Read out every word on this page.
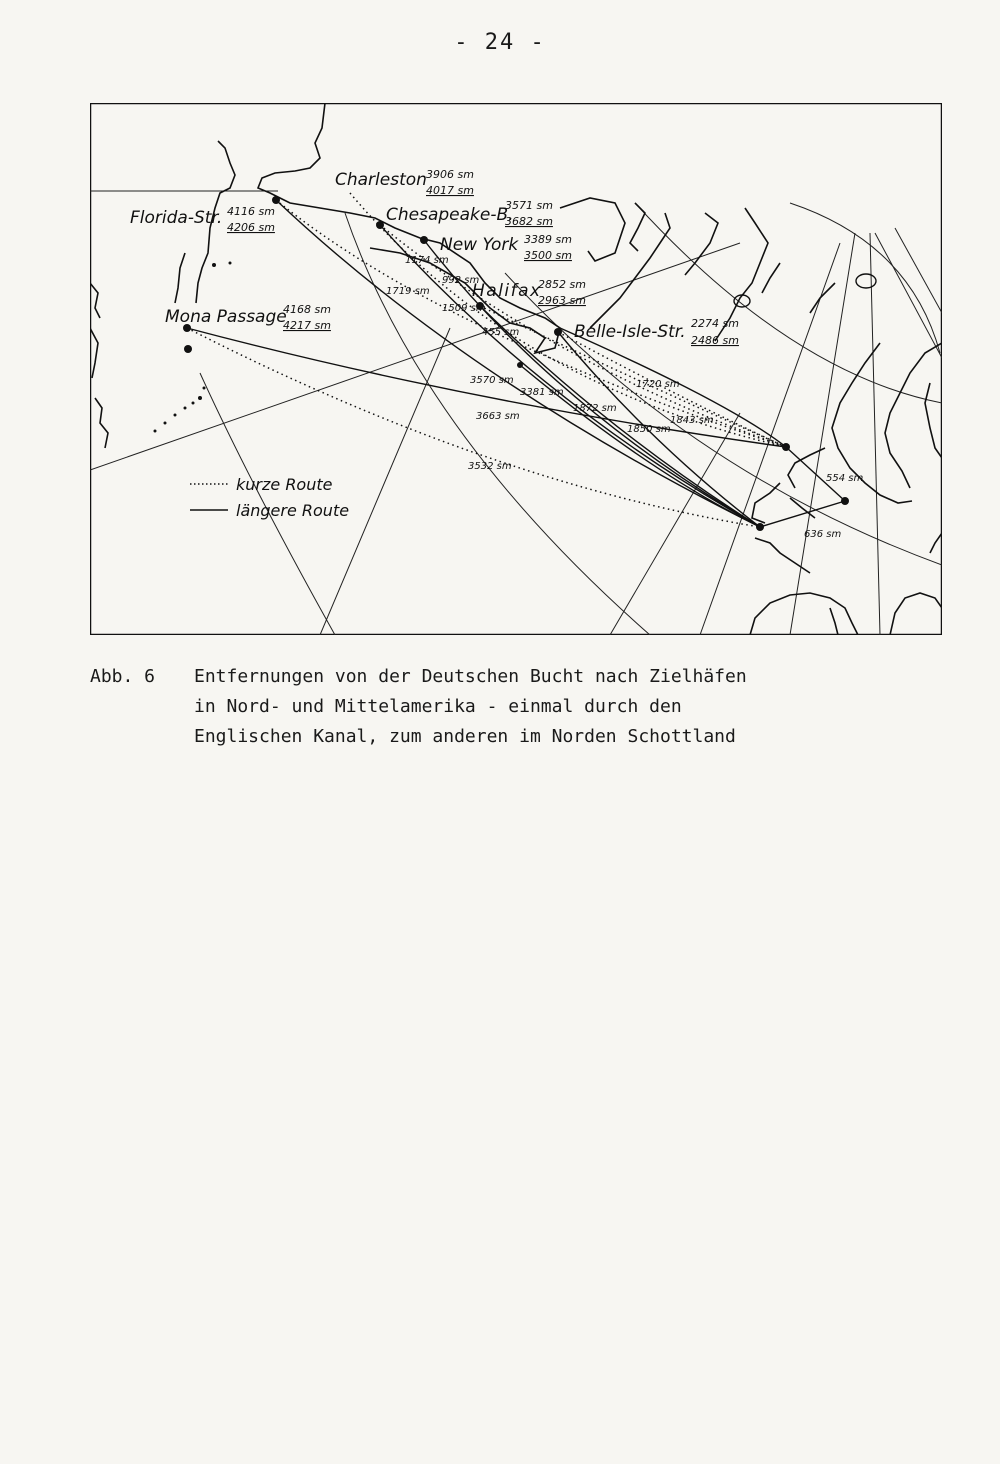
- 24 -
Charleston 3906 sm
4017 sm
Chesapeake-B.
3571 sm
3682 sm
New York 3389 sm
3500 sm
Halifax
2852 sm
2963 sm
Belle-Isle-Str. 2274 sm
2486 sm
Florida-Str. 4116 sm
4206 sm
Mona Passage
4168 sm
4217 sm
1174 sm
992 sm
1719 sm
1509 sm
455 sm
3570 sm
3381 sm
1872 sm
1720 sm
1843 sm
1850 sm
3663 sm
3532 sm
554 sm
636 sm
kurze Route
längere Route
Abb. 6 Entfernungen von der Deutschen Bucht nach Zielhäfen
in Nord- und Mittelamerika - einmal durch den
Englischen Kanal, zum anderen im Norden Schottland
